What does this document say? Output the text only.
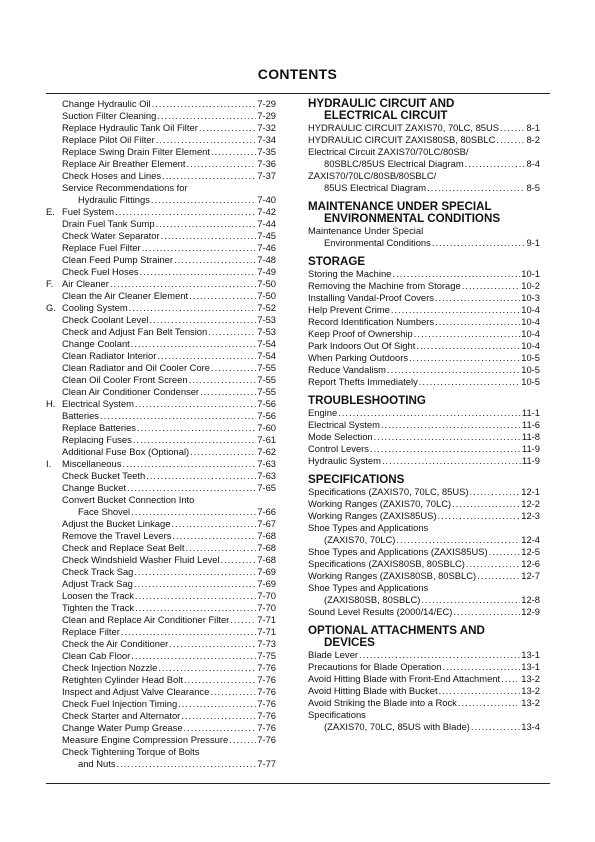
CONTENTS
Change Hydraulic Oil .....	7-29
Suction Filter Cleaning .....	7-29
Replace Hydraulic Tank Oil Filter .....	7-32
Replace Pilot Oil Filter .....	7-34
Replace Swing Drain Filter Element .....	7-35
Replace Air Breather Element .....	7-36
Check Hoses and Lines .....	7-37
Service Recommendations for
Hydraulic Fittings .....	7-40
E. Fuel System .....	7-42
Drain Fuel Tank Sump .....	7-44
Check Water Separator .....	7-45
Replace Fuel Filter .....	7-46
Clean Feed Pump Strainer .....	7-48
Check Fuel Hoses .....	7-49
F. Air Cleaner .....	7-50
Clean the Air Cleaner Element .....	7-50
G. Cooling System .....	7-52
Check Coolant Level .....	7-53
Check and Adjust Fan Belt Tension .....	7-53
Change Coolant .....	7-54
Clean Radiator Interior .....	7-54
Clean Radiator and Oil Cooler Core .....	7-55
Clean Oil Cooler Front Screen .....	7-55
Clean Air Conditioner Condenser .....	7-55
H. Electrical System .....	7-56
Batteries .....	7-56
Replace Batteries .....	7-60
Replacing Fuses .....	7-61
Additional Fuse Box (Optional) .....	7-62
I.	Miscellaneous .....	7-63
Check Bucket Teeth .....	7-63
Change Bucket .....	7-65
Convert Bucket Connection Into
Face Shovel .....	7-66
Adjust the Bucket Linkage .....	7-67
Remove the Travel Levers .....	7-68
Check and Replace Seat Belt .....	7-68
Check Windshield Washer Fluid Level .....	7-68
Check Track Sag .....	7-69
Adjust Track Sag .....	7-69
Loosen the Track .....	7-70
Tighten the Track .....	7-70
Clean and Replace Air Conditioner Filter .....	7-71
Replace Filter .....	7-71
Check the Air Conditioner .....	7-73
Clean Cab Floor .....	7-75
Check Injection Nozzle .....	7-76
Retighten Cylinder Head Bolt .....	7-76
Inspect and Adjust Valve Clearance .....	7-76
Check Fuel Injection Timing .....	7-76
Check Starter and Alternator .....	7-76
Change Water Pump Grease .....	7-76
Measure Engine Compression Pressure .....	7-76
Check Tightening Torque of Bolts
and Nuts .....	7-77
HYDRAULIC CIRCUIT AND
ELECTRICAL CIRCUIT
HYDRAULIC CIRCUIT ZAXIS70, 70LC, 85US .....	8-1
HYDRAULIC CIRCUIT ZAXIS80SB, 80SBLC .....	8-2
Electrical Circuit ZAXIS70/70LC/80SB/
80SBLC/85US Electrical Diagram .....	8-4
ZAXIS70/70LC/80SB/80SBLC/
85US Electrical Diagram .....	8-5
MAINTENANCE UNDER SPECIAL
ENVIRONMENTAL CONDITIONS
Maintenance Under Special
Environmental Conditions .....	9-1
STORAGE
Storing the Machine .....	10-1
Removing the Machine from Storage .....	10-2
Installing Vandal-Proof Covers .....	10-3
Help Prevent Crime .....	10-4
Record Identification Numbers .....	10-4
Keep Proof of Ownership .....	10-4
Park Indoors Out Of Sight .....	10-4
When Parking Outdoors .....	10-5
Reduce Vandalism .....	10-5
Report Thefts Immediately .....	10-5
TROUBLESHOOTING
Engine .....	11-1
Electrical System .....	11-6
Mode Selection .....	11-8
Control Levers .....	11-9
Hydraulic System .....	11-9
SPECIFICATIONS
Specifications (ZAXIS70, 70LC, 85US) .....	12-1
Working Ranges (ZAXIS70, 70LC) .....	12-2
Working Ranges (ZAXIS85US) .....	12-3
Shoe Types and Applications
(ZAXIS70, 70LC) .....	12-4
Shoe Types and Applications (ZAXIS85US) .....	12-5
Specifications (ZAXIS80SB, 80SBLC) .....	12-6
Working Ranges (ZAXIS80SB, 80SBLC) .....	12-7
Shoe Types and Applications
(ZAXIS80SB, 80SBLC) .....	12-8
Sound Level Results (2000/14/EC) .....	12-9
OPTIONAL ATTACHMENTS AND
DEVICES
Blade Lever .....	13-1
Precautions for Blade Operation .....	13-1
Avoid Hitting Blade with Front-End Attachment ..... 13-2
Avoid Hitting Blade with Bucket .....	13-2
Avoid Striking the Blade into a Rock .....	13-2
Specifications
(ZAXIS70, 70LC, 85US with Blade) .....	13-4
